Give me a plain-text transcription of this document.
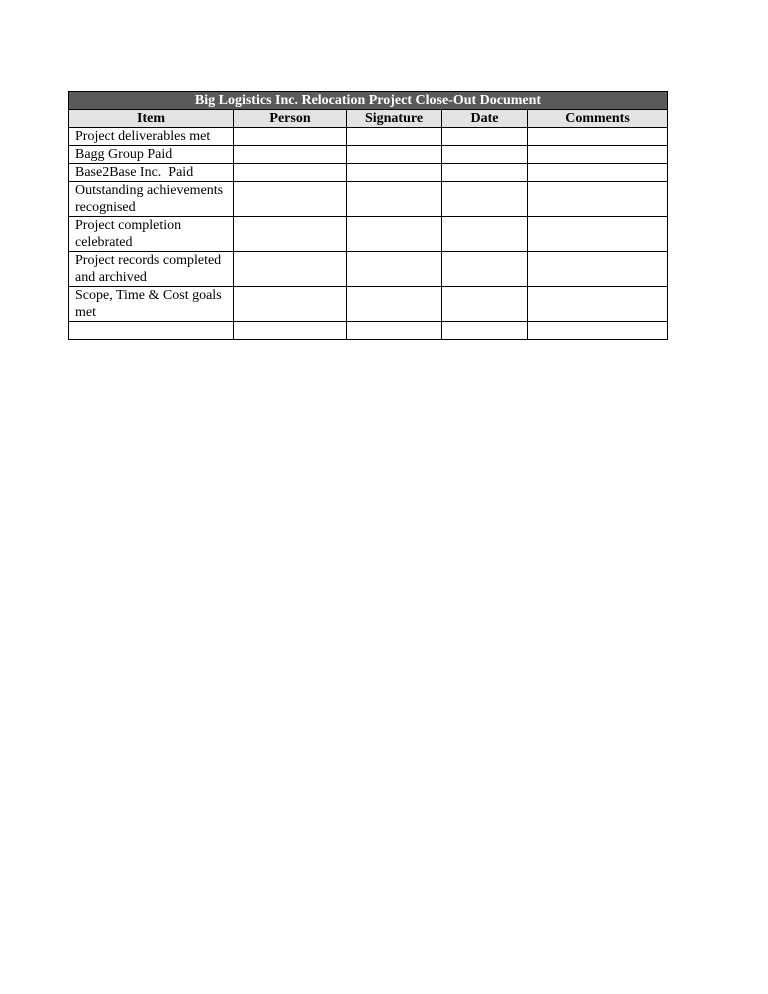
Big Logistics Inc. Relocation Project Close-Out Document				
Item	Person	Signature	Date	Comments
Project deliverables met				
Bagg Group Paid				
Base2Base Inc.  Paid				
Outstanding achievements recognised				
Project completion celebrated				
Project records completed and archived				
Scope, Time & Cost goals met				
